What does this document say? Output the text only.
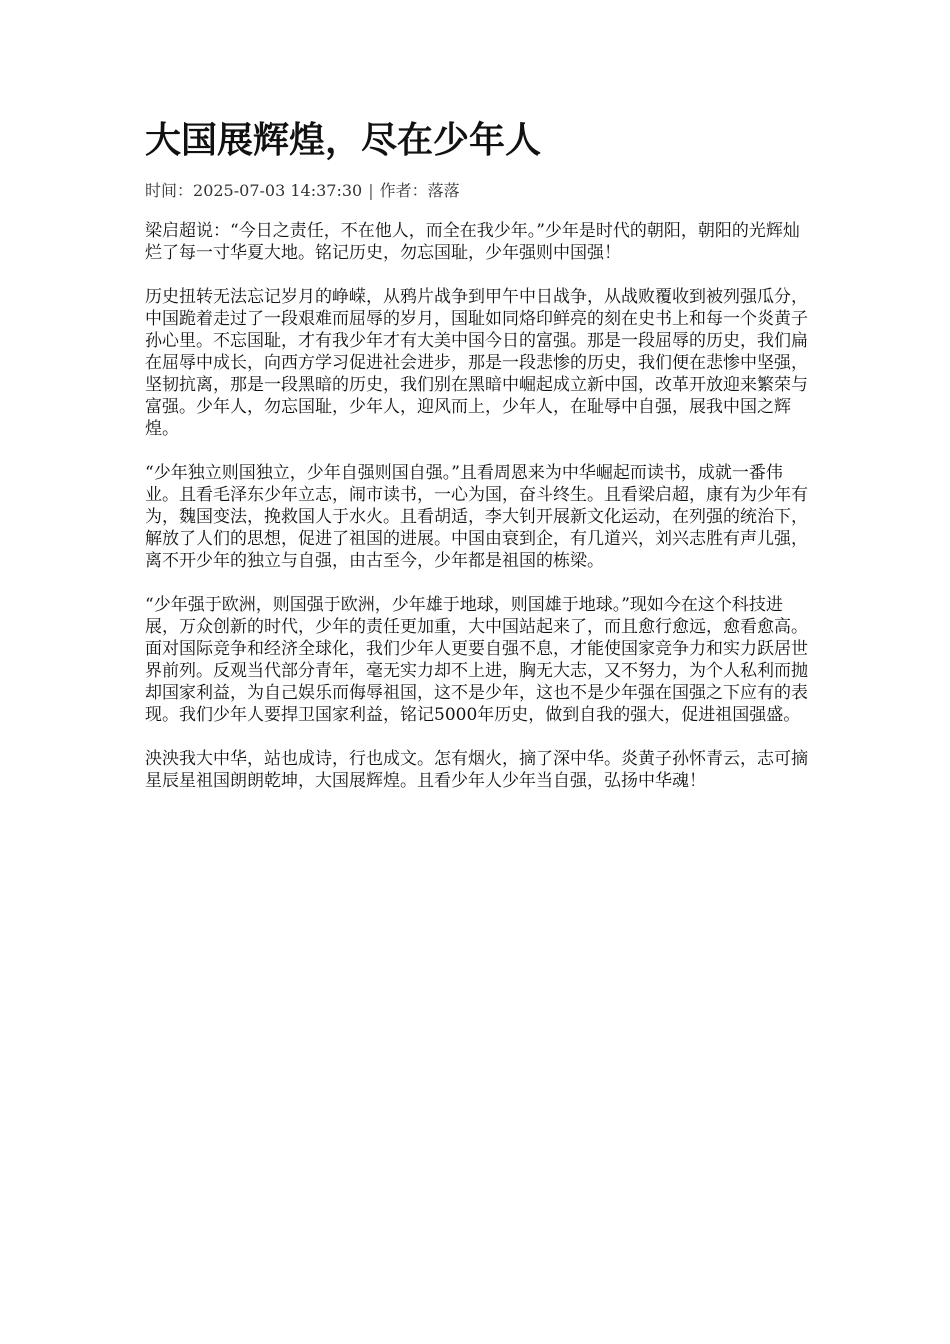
大国展辉煌，尽在少年人
时间：2025-07-03 14:37:30 | 作者：落落

梁启超说：“今日之责任，不在他人，而全在我少年。”少年是时代的朝阳，朝阳的光辉灿烂了每一寸华夏大地。铭记历史，勿忘国耻，少年强则中国强！

历史扭转无法忘记岁月的峥嵘，从鸦片战争到甲午中日战争，从战败覆收到被列强瓜分，中国跪着走过了一段艰难而屈辱的岁月，国耻如同烙印鲜亮的刻在史书上和每一个炎黄子孙心里。不忘国耻，才有我少年才有大美中国今日的富强。那是一段屈辱的历史，我们扁在屈辱中成长，向西方学习促进社会进步，那是一段悲惨的历史，我们便在悲惨中坚强，坚韧抗离，那是一段黑暗的历史，我们别在黑暗中崛起成立新中国，改革开放迎来繁荣与富强。少年人，勿忘国耻，少年人，迎风而上，少年人，在耻辱中自强，展我中国之辉煌。

“少年独立则国独立，少年自强则国自强。”且看周恩来为中华崛起而读书，成就一番伟业。且看毛泽东少年立志，闹市读书，一心为国，奋斗终生。且看梁启超，康有为少年有为，魏国变法，挽救国人于水火。且看胡适，李大钊开展新文化运动，在列强的统治下，解放了人们的思想，促进了祖国的进展。中国由衰到企，有几道兴，刘兴志胜有声儿强，离不开少年的独立与自强，由古至今，少年都是祖国的栋梁。

“少年强于欧洲，则国强于欧洲，少年雄于地球，则国雄于地球。”现如今在这个科技进展，万众创新的时代，少年的责任更加重，大中国站起来了，而且愈行愈远，愈看愈高。面对国际竞争和经济全球化，我们少年人更要自强不息，才能使国家竞争力和实力跃居世界前列。反观当代部分青年，毫无实力却不上进，胸无大志，又不努力，为个人私利而抛却国家利益，为自己娱乐而侮辱祖国，这不是少年，这也不是少年强在国强之下应有的表现。我们少年人要捍卫国家利益，铭记5000年历史，做到自我的强大，促进祖国强盛。

泱泱我大中华，站也成诗，行也成文。怎有烟火，摘了深中华。炎黄子孙怀青云，志可摘星辰星祖国朗朗乾坤，大国展辉煌。且看少年人少年当自强，弘扬中华魂！
